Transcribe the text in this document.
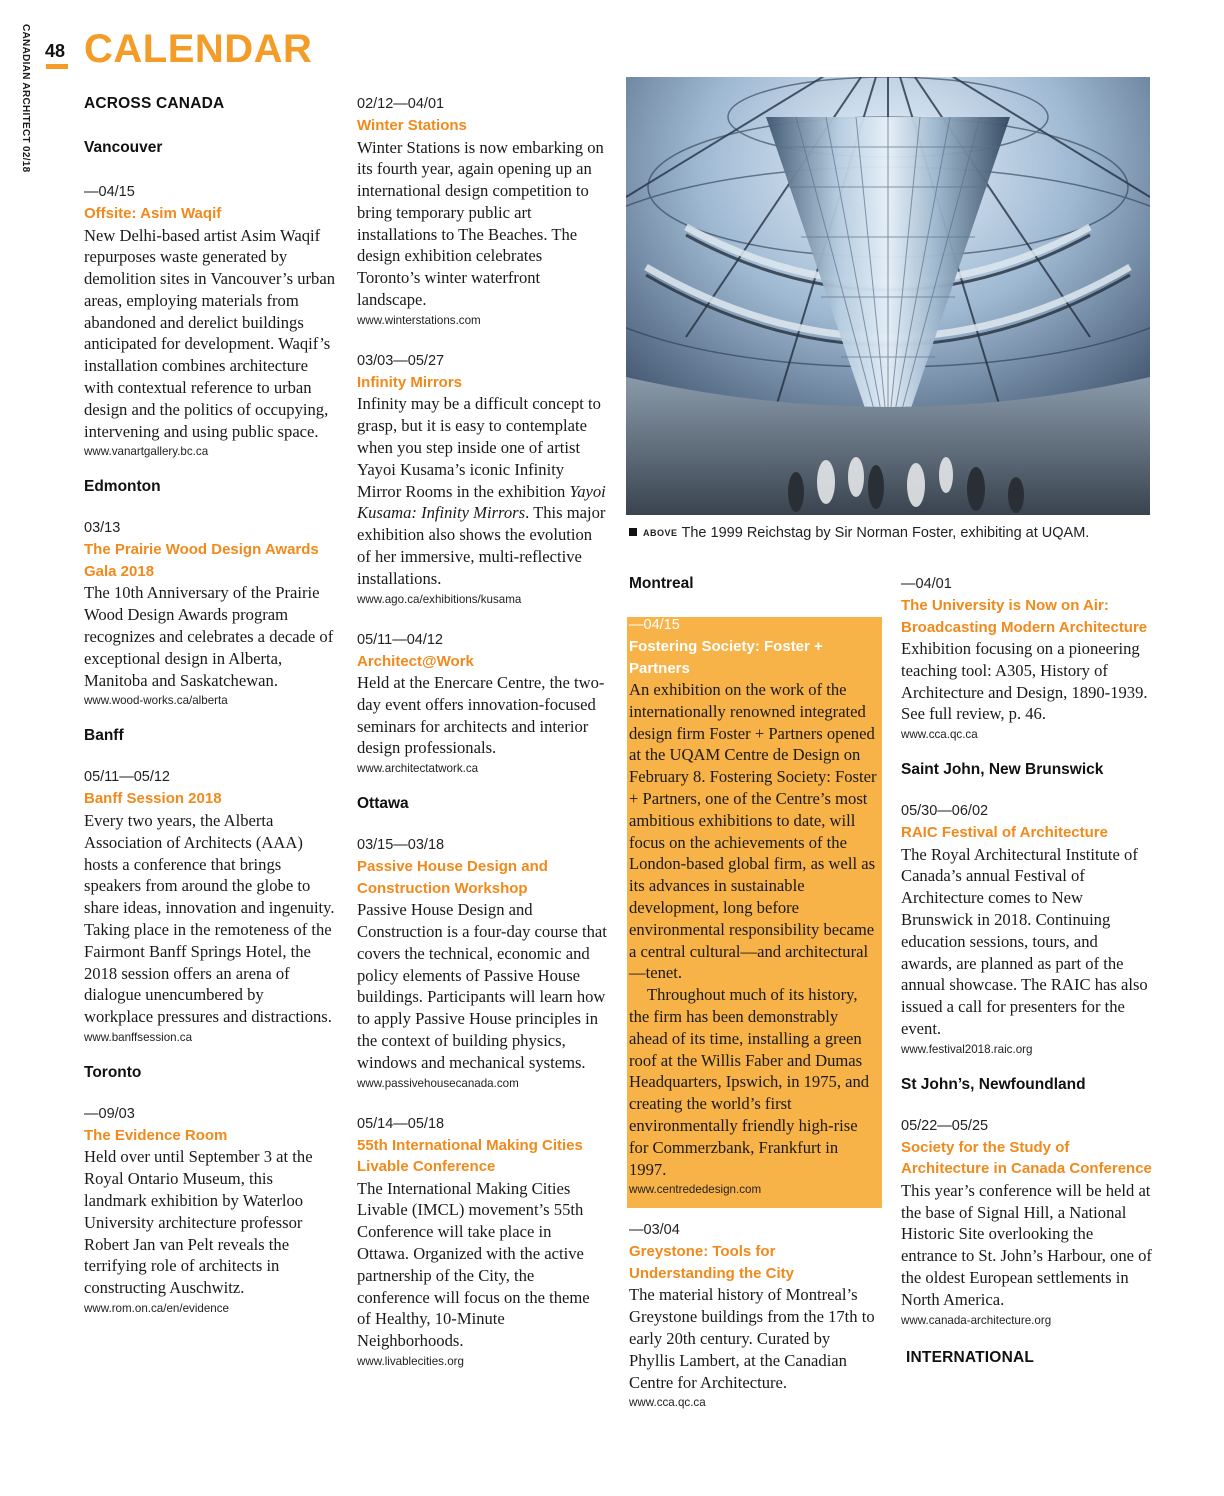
CANADIAN ARCHITECT 02/18 48 CALENDAR

ACROSS CANADA

Vancouver

—04/15

Offsite: Asim Waqif

New Delhi-based artist Asim Waqif repurposes waste generated by demolition sites in Vancouver’s urban areas, employing materials from abandoned and derelict buildings anticipated for development. Waqif’s installation combines architecture with contextual reference to urban design and the politics of occupying, intervening and using public space.

www.vanartgallery.bc.ca

Edmonton

03/13

The Prairie Wood Design Awards Gala 2018

The 10th Anniversary of the Prairie Wood Design Awards program recognizes and celebrates a decade of exceptional design in Alberta, Manitoba and Saskatchewan.

www.wood-works.ca/alberta

Banff

05/11—05/12

Banff Session 2018

Every two years, the Alberta Association of Architects (AAA) hosts a conference that brings speakers from around the globe to share ideas, innovation and ingenuity. Taking place in the remoteness of the Fairmont Banff Springs Hotel, the 2018 session offers an arena of dialogue unencumbered by workplace pressures and distractions.

www.banffsession.ca

Toronto

—09/03

The Evidence Room

Held over until September 3 at the Royal Ontario Museum, this landmark exhibition by Waterloo University architecture professor Robert Jan van Pelt reveals the terrifying role of architects in constructing Auschwitz.

www.rom.on.ca/en/evidence

02/12—04/01

Winter Stations

Winter Stations is now embarking on its fourth year, again opening up an international design competition to bring temporary public art installations to The Beaches. The design exhibition celebrates Toronto’s winter waterfront landscape.

www.winterstations.com

03/03—05/27

Infinity Mirrors

Infinity may be a difficult concept to grasp, but it is easy to contemplate when you step inside one of artist Yayoi Kusama’s iconic Infinity Mirror Rooms in the exhibition Yayoi Kusama: Infinity Mirrors. This major exhibition also shows the evolution of her immersive, multi-reflective installations.

www.ago.ca/exhibitions/kusama

05/11—04/12

Architect@Work

Held at the Enercare Centre, the two-day event offers innovation-focused seminars for architects and interior design professionals.

www.architectatwork.ca

Ottawa

03/15—03/18

Passive House Design and Construction Workshop

Passive House Design and Construction is a four-day course that covers the technical, economic and policy elements of Passive House buildings. Participants will learn how to apply Passive House principles in the context of building physics, windows and mechanical systems.

www.passivehousecanada.com

05/14—05/18

55th International Making Cities Livable Conference

The International Making Cities Livable (IMCL) movement’s 55th Conference will take place in Ottawa. Organized with the active partnership of the City, the conference will focus on the theme of Healthy, 10-Minute Neighborhoods.

www.livablecities.org

ABOVE The 1999 Reichstag by Sir Norman Foster, exhibiting at UQAM.

Montreal

—04/15

Fostering Society: Foster + Partners

An exhibition on the work of the internationally renowned integrated design firm Foster + Partners opened at the UQAM Centre de Design on February 8. Fostering Society: Foster + Partners, one of the Centre’s most ambitious exhibitions to date, will focus on the achievements of the London-based global firm, as well as its advances in sustainable development, long before environmental responsibility became a central cultural—and architectural—tenet.

Throughout much of its history, the firm has been demonstrably ahead of its time, installing a green roof at the Willis Faber and Dumas Headquarters, Ipswich, in 1975, and creating the world’s first environmentally friendly high-rise for Commerzbank, Frankfurt in 1997.

www.centrededesign.com

—03/04

Greystone: Tools for Understanding the City

The material history of Montreal’s Greystone buildings from the 17th to early 20th century. Curated by Phyllis Lambert, at the Canadian Centre for Architecture.

www.cca.qc.ca

—04/01

The University is Now on Air: Broadcasting Modern Architecture

Exhibition focusing on a pioneering teaching tool: A305, History of Architecture and Design, 1890-1939. See full review, p. 46.

www.cca.qc.ca

Saint John, New Brunswick

05/30—06/02

RAIC Festival of Architecture

The Royal Architectural Institute of Canada’s annual Festival of Architecture comes to New Brunswick in 2018. Continuing education sessions, tours, and awards, are planned as part of the annual showcase. The RAIC has also issued a call for presenters for the event.

www.festival2018.raic.org

St John’s, Newfoundland

05/22—05/25

Society for the Study of Architecture in Canada Conference

This year’s conference will be held at the base of Signal Hill, a National Historic Site overlooking the entrance to St. John’s Harbour, one of the oldest European settlements in North America.

www.canada-architecture.org

INTERNATIONAL
